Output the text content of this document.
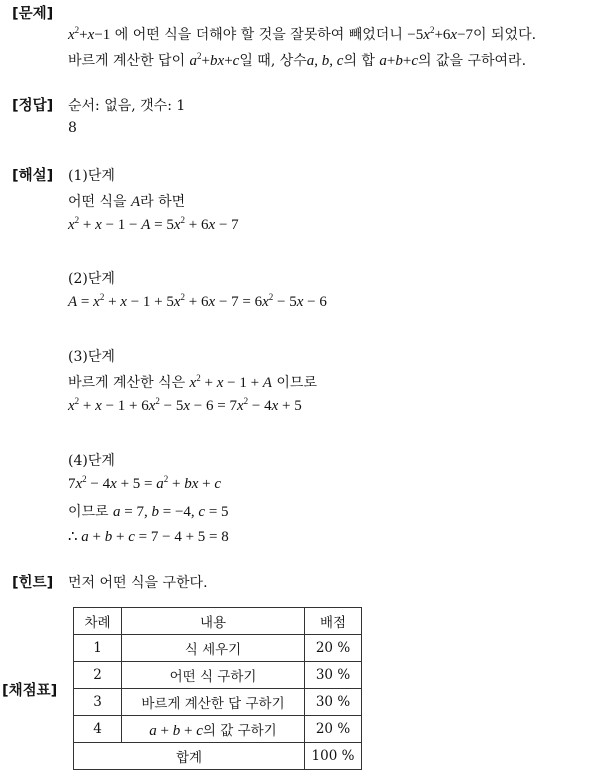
[문제]
$x^2+x-1$ 에 어떤 식을 더해야 할 것을 잘못하여 빼었더니 $-5x^2+6x-7$이 되었다.
바르게 계산한 답이 $a^2+bx+c$일 때, 상수a, b, c의 합 a+b+c의 값을 구하여라.
[정답] 순서: 없음, 갯수: 1
8
[해설] (1)단계
어떤 식을 A라 하면
$x^2 + x - 1 - A = 5x^2 + 6x - 7$
(2)단계
$A = x^2 + x - 1 + 5x^2 + 6x - 7 = 6x^2 - 5x - 6$
(3)단계
바르게 계산한 식은 $x^2 + x - 1 + A$ 이므로
$x^2 + x - 1 + 6x^2 - 5x - 6 = 7x^2 - 4x + 5$
(4)단계
$7x^2 - 4x + 5 = a^2$ + bx + c
이므로 a = 7, b = −4, c = 5
∴ a + b + c = 7 − 4 + 5 = 8
[힌트] 먼저 어떤 식을 구한다.
[채점표]
차례	내용	배점
1	식 세우기	20 %
2	어떤 식 구하기	30 %
3	바르게 계산한 답 구하기	30 %
4	a + b + c의 값 구하기	20 %
합계		100 %
